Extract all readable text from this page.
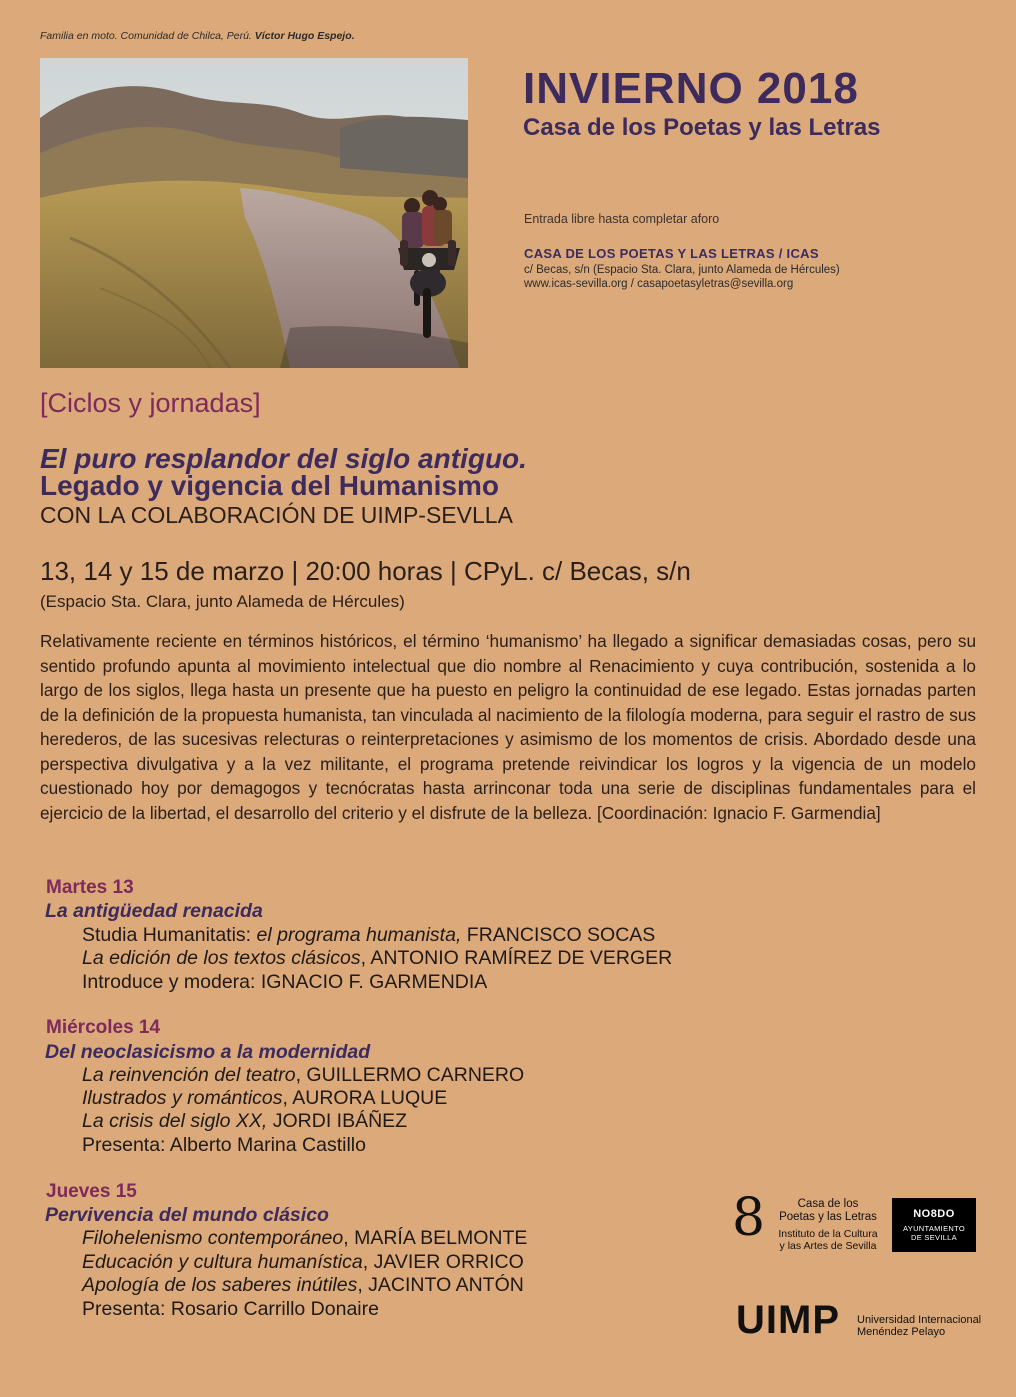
Familia en moto. Comunidad de Chilca, Perú. Víctor Hugo Espejo.
INVIERNO 2018
Casa de los Poetas y las Letras
Entrada libre hasta completar aforo
CASA DE LOS POETAS Y LAS LETRAS / ICAS
c/ Becas, s/n (Espacio Sta. Clara, junto Alameda de Hércules)
www.icas-sevilla.org / casapoetasyletras@sevilla.org
[Ciclos y jornadas]
El puro resplandor del siglo antiguo.
Legado y vigencia del Humanismo
CON LA COLABORACIÓN DE UIMP-SEVLLA
13, 14 y 15 de marzo | 20:00 horas | CPyL. c/ Becas, s/n
(Espacio Sta. Clara, junto Alameda de Hércules)
Relativamente reciente en términos históricos, el término ‘humanismo’ ha llegado a significar demasiadas cosas, pero su sentido profundo apunta al movimiento intelectual que dio nombre al Renacimiento y cuya contribución, sostenida a lo largo de los siglos, llega hasta un presente que ha puesto en peligro la continuidad de ese legado. Estas jornadas parten de la definición de la propuesta humanista, tan vinculada al nacimiento de la filología moderna, para seguir el rastro de sus herederos, de las sucesivas relecturas o reinterpretaciones y asimismo de los momentos de crisis. Abordado desde una perspectiva divulgativa y a la vez militante, el programa pretende reivindicar los logros y la vigencia de un modelo cuestionado hoy por demagogos y tecnócratas hasta arrinconar toda una serie de disciplinas fundamentales para el ejercicio de la libertad, el desarrollo del criterio y el disfrute de la belleza. [Coordinación: Ignacio F. Garmendia]
Martes 13
La antigüedad renacida
Studia Humanitatis: el programa humanista, FRANCISCO SOCAS
La edición de los textos clásicos, ANTONIO RAMÍREZ DE VERGER
Introduce y modera: IGNACIO F. GARMENDIA
Miércoles 14
Del neoclasicismo a la modernidad
La reinvención del teatro, GUILLERMO CARNERO
Ilustrados y románticos, AURORA LUQUE
La crisis del siglo XX, JORDI IBÁÑEZ
Presenta: Alberto Marina Castillo
Jueves 15
Pervivencia del mundo clásico
Filohelenismo contemporáneo, MARÍA BELMONTE
Educación y cultura humanística, JAVIER ORRICO
Apología de los saberes inútiles, JACINTO ANTÓN
Presenta: Rosario Carrillo Donaire
8	Casa de los
Poetas y las Letras
Instituto de la Cultura
y las Artes de Sevilla
NO8DO
AYUNTAMIENTO
DE SEVILLA
UIMP Universidad Internacional
Menéndez Pelayo
